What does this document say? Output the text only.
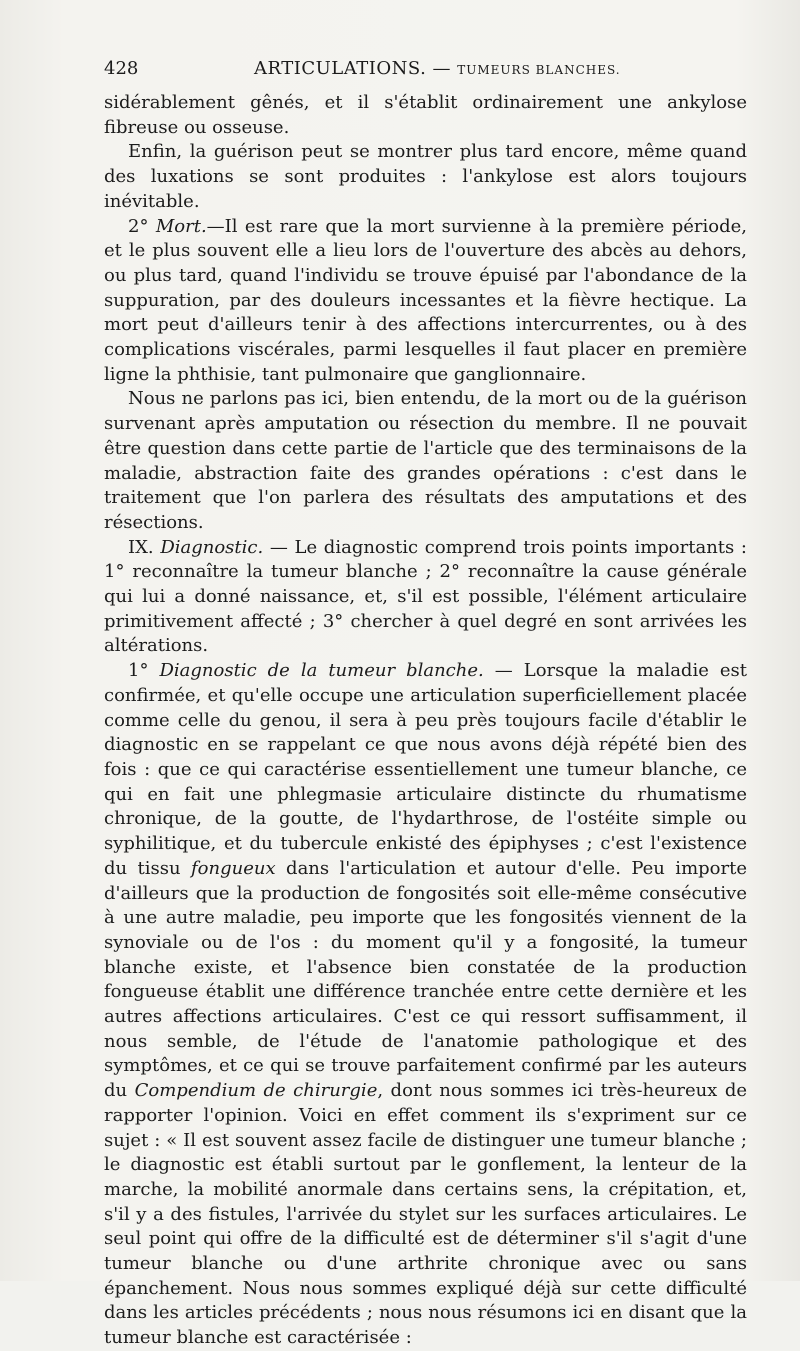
428	ARTICULATIONS. — TUMEURS BLANCHES.

sidérablement gênés, et il s'établit ordinairement une ankylose fibreuse ou osseuse.

Enfin, la guérison peut se montrer plus tard encore, même quand des luxations se sont produites : l'ankylose est alors toujours inévitable.

2° Mort.—Il est rare que la mort survienne à la première période, et le plus souvent elle a lieu lors de l'ouverture des abcès au dehors, ou plus tard, quand l'individu se trouve épuisé par l'abondance de la suppuration, par des douleurs incessantes et la fièvre hectique. La mort peut d'ailleurs tenir à des affections intercurrentes, ou à des complications viscérales, parmi lesquelles il faut placer en première ligne la phthisie, tant pulmonaire que ganglionnaire.

Nous ne parlons pas ici, bien entendu, de la mort ou de la guérison survenant après amputation ou résection du membre. Il ne pouvait être question dans cette partie de l'article que des terminaisons de la maladie, abstraction faite des grandes opérations : c'est dans le traitement que l'on parlera des résultats des amputations et des résections.

IX. Diagnostic. — Le diagnostic comprend trois points importants : 1° reconnaître la tumeur blanche ; 2° reconnaître la cause générale qui lui a donné naissance, et, s'il est possible, l'élément articulaire primitivement affecté ; 3° chercher à quel degré en sont arrivées les altérations.

1° Diagnostic de la tumeur blanche. — Lorsque la maladie est confirmée, et qu'elle occupe une articulation superficiellement placée comme celle du genou, il sera à peu près toujours facile d'établir le diagnostic en se rappelant ce que nous avons déjà répété bien des fois : que ce qui caractérise essentiellement une tumeur blanche, ce qui en fait une phlegmasie articulaire distincte du rhumatisme chronique, de la goutte, de l'hydarthrose, de l'ostéite simple ou syphilitique, et du tubercule enkisté des épiphyses ; c'est l'existence du tissu fongueux dans l'articulation et autour d'elle. Peu importe d'ailleurs que la production de fongosités soit elle-même consécutive à une autre maladie, peu importe que les fongosités viennent de la synoviale ou de l'os : du moment qu'il y a fongosité, la tumeur blanche existe, et l'absence bien constatée de la production fongueuse établit une différence tranchée entre cette dernière et les autres affections articulaires. C'est ce qui ressort suffisamment, il nous semble, de l'étude de l'anatomie pathologique et des symptômes, et ce qui se trouve parfaitement confirmé par les auteurs du Compendium de chirurgie, dont nous sommes ici très-heureux de rapporter l'opinion. Voici en effet comment ils s'expriment sur ce sujet : « Il est souvent assez facile de distinguer une tumeur blanche ; le diagnostic est établi surtout par le gonflement, la lenteur de la marche, la mobilité anormale dans certains sens, la crépitation, et, s'il y a des fistules, l'arrivée du stylet sur les surfaces articulaires. Le seul point qui offre de la difficulté est de déterminer s'il s'agit d'une tumeur blanche ou d'une arthrite chronique avec ou sans épanchement. Nous nous sommes expliqué déjà sur cette difficulté dans les articles précédents ; nous nous résumons ici en disant que la tumeur blanche est caractérisée :
